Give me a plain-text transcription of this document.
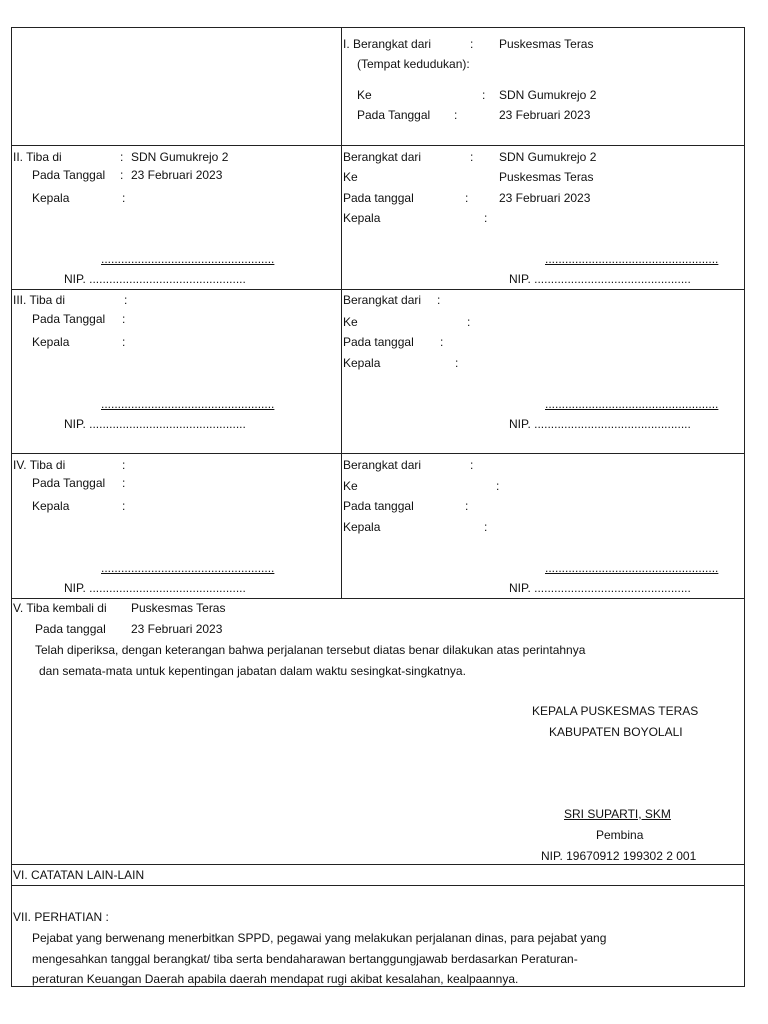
I. Berangkat dari	: Puskesmas Teras
(Tempat kedudukan):
Ke	: SDN Gumukrejo 2
Pada Tanggal :	23 Februari 2023
II. Tiba di	: SDN Gumukrejo 2
Pada Tanggal : 23 Februari 2023
Kepala	:
....................................................
NIP. ...............................................
Berangkat dari	: SDN Gumukrejo 2
Ke	Puskesmas Teras
Pada tanggal	:	23 Februari 2023
Kepala	:
....................................................
NIP. ...............................................
III. Tiba di	:
Pada Tanggal :
Kepala	:
....................................................
NIP. ...............................................
Berangkat dari :
Ke	:
Pada tanggal :
Kepala	:
....................................................
NIP. ...............................................
IV. Tiba di	:
Pada Tanggal :
Kepala	:
....................................................
NIP. ...............................................
Berangkat dari	:
Ke	:
Pada tanggal	:
Kepala	:
....................................................
NIP. ...............................................
V. Tiba kembali di Puskesmas Teras
Pada tanggal 23 Februari 2023
Telah diperiksa, dengan keterangan bahwa perjalanan tersebut diatas benar dilakukan atas perintahnya
dan semata-mata untuk kepentingan jabatan dalam waktu sesingkat-singkatnya.
KEPALA PUSKESMAS TERAS
KABUPATEN BOYOLALI
SRI SUPARTI, SKM
Pembina
NIP. 19670912 199302 2 001
VI. CATATAN LAIN-LAIN
VII. PERHATIAN :
Pejabat yang berwenang menerbitkan SPPD, pegawai yang melakukan perjalanan dinas, para pejabat yang
mengesahkan tanggal berangkat/ tiba serta bendaharawan bertanggungjawab berdasarkan Peraturan-
peraturan Keuangan Daerah apabila daerah mendapat rugi akibat kesalahan, kealpaannya.
